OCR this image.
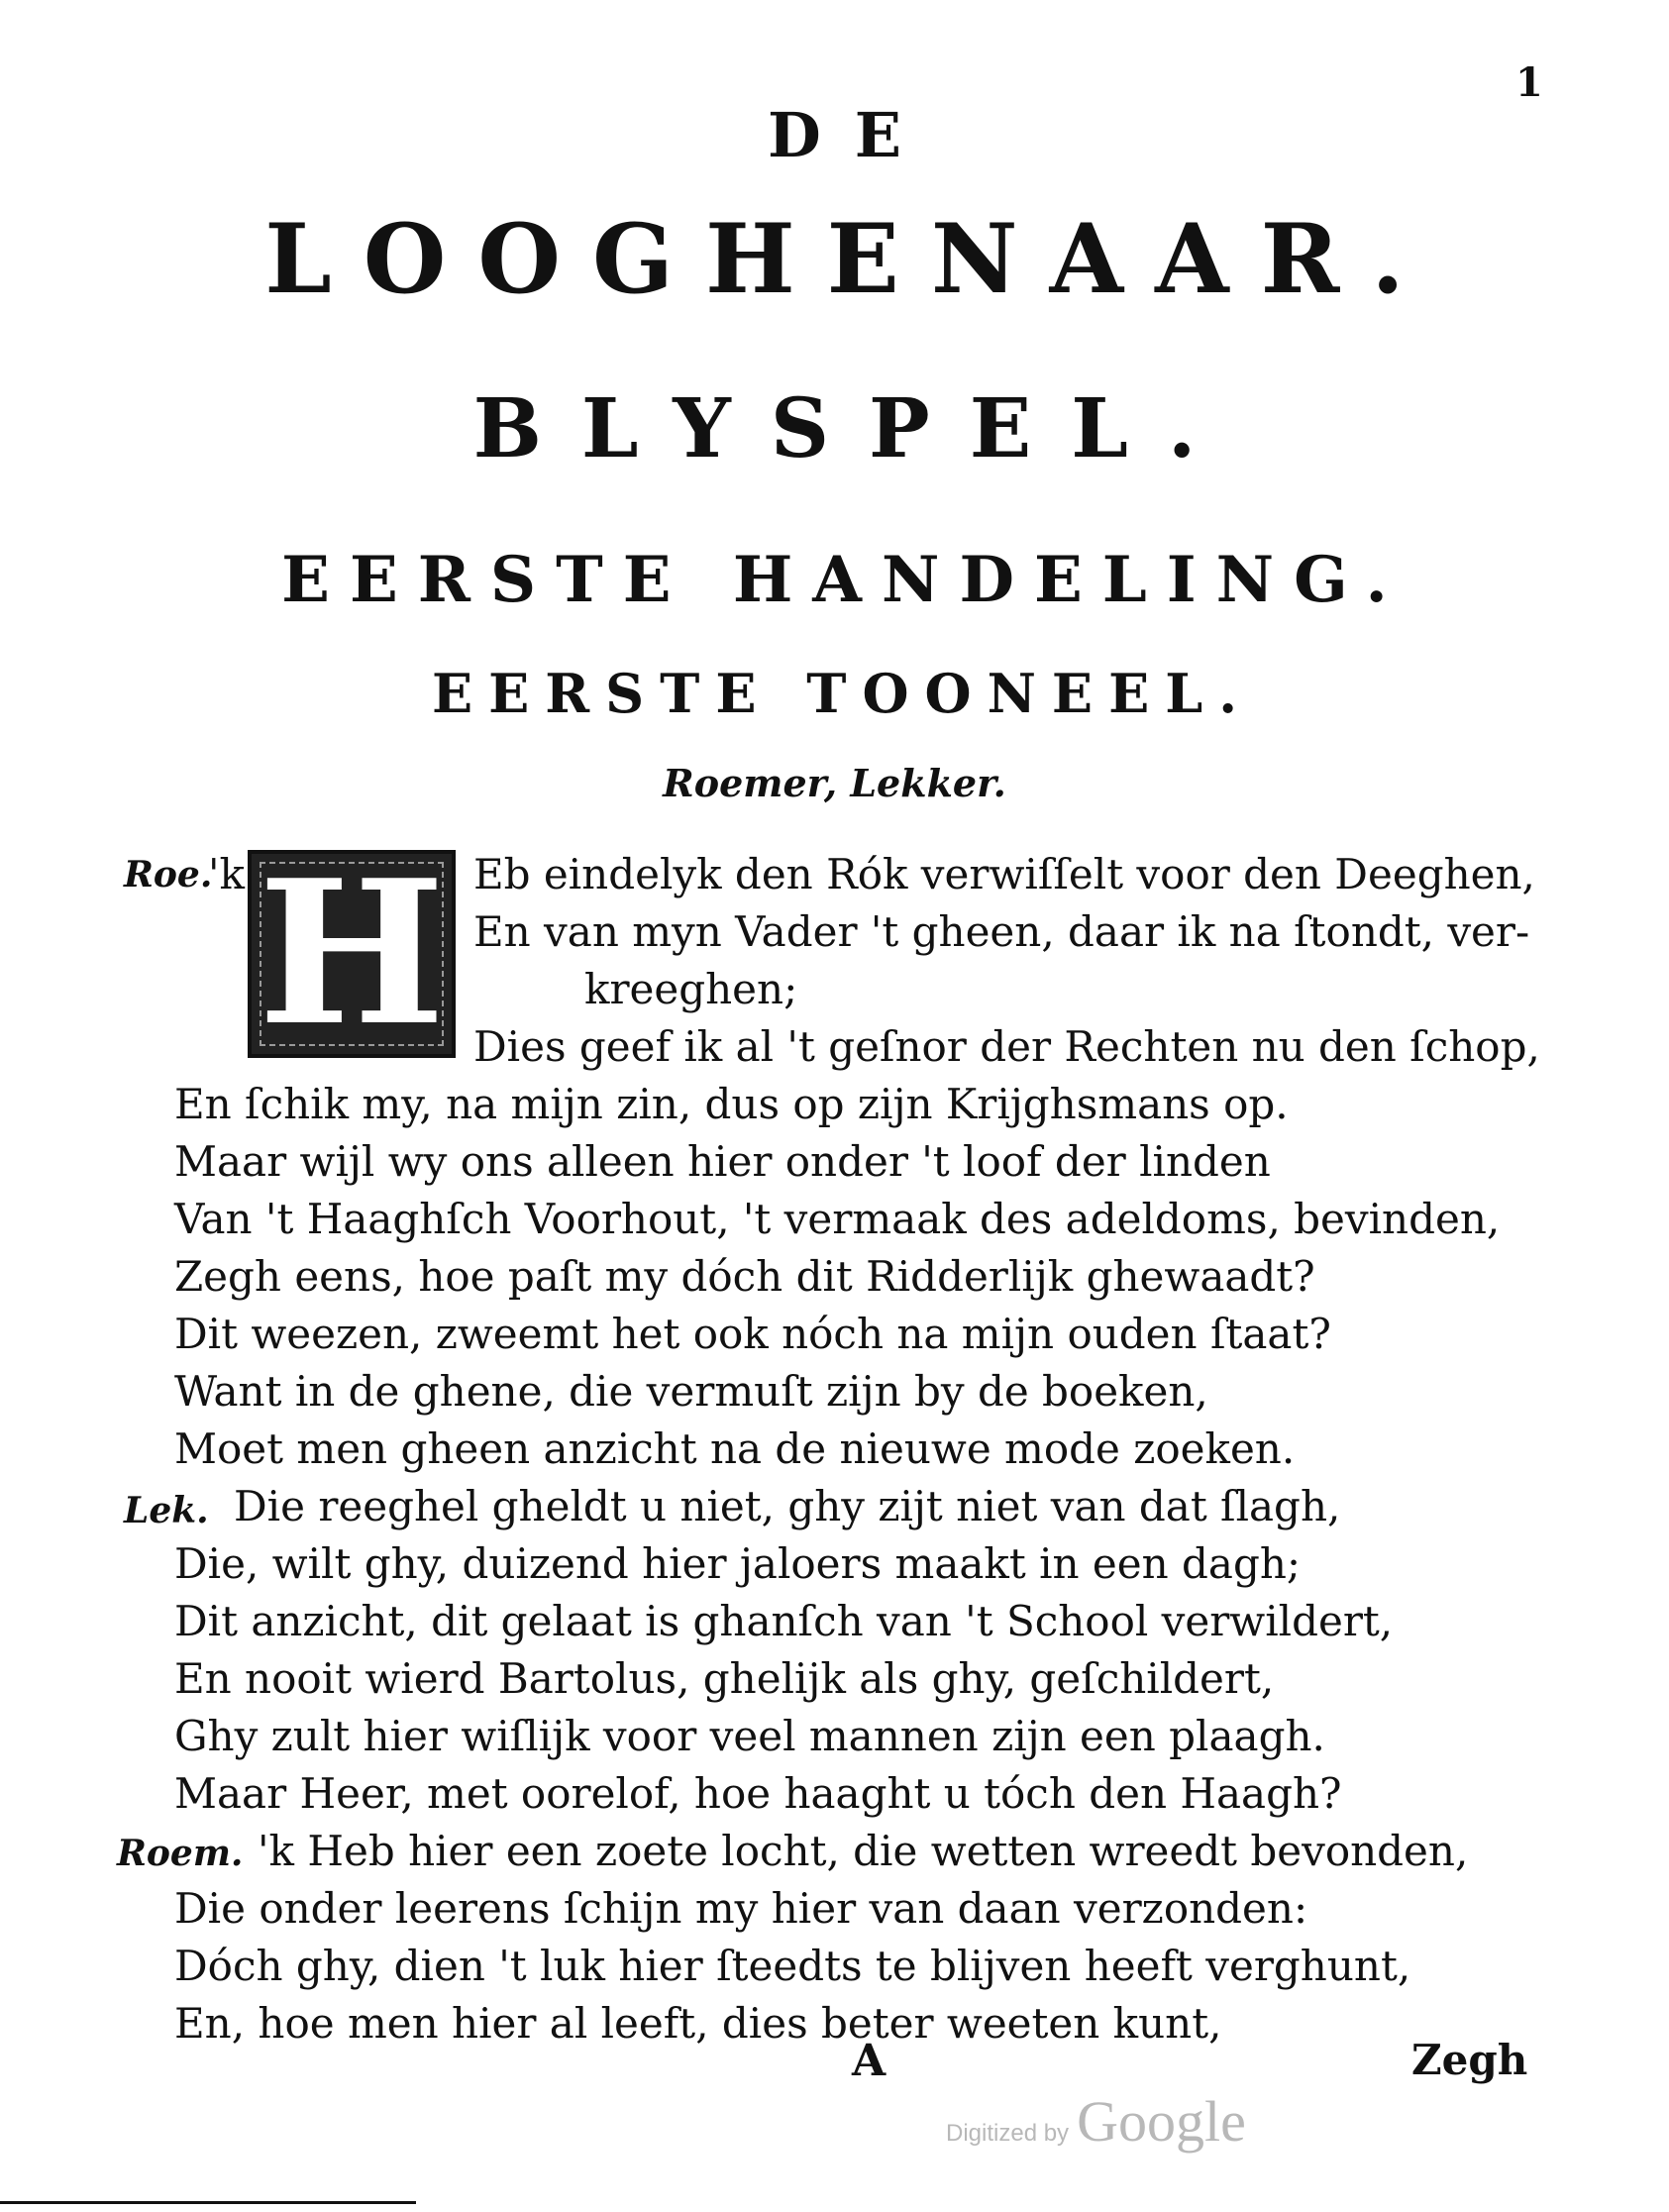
1
DE
LOOGHENAAR.
BLYSPEL.
EERSTE HANDELING.
EERSTE TOONEEL.
Roemer, Lekker.
Roe.
'k H Eb eindelyk den Rók verwiſſelt voor den Deeghen,
En van myn Vader 't gheen, daar ik na ſtondt, ver-
kreeghen;
Dies geef ik al 't geſnor der Rechten nu den ſchop,
En ſchik my, na mijn zin, dus op zijn Krijghsmans op.
Maar wijl wy ons alleen hier onder 't loof der linden
Van 't Haaghſch Voorhout, 't vermaak des adeldoms, bevinden,
Zegh eens, hoe paſt my dóch dit Ridderlijk ghewaadt?
Dit weezen, zweemt het ook nóch na mijn ouden ſtaat?
Want in de ghene, die vermuſt zijn by de boeken,
Moet men gheen anzicht na de nieuwe mode zoeken.
Lek. Die reeghel gheldt u niet, ghy zijt niet van dat ſlagh,
Die, wilt ghy, duizend hier jaloers maakt in een dagh;
Dit anzicht, dit gelaat is ghanſch van 't School verwildert,
En nooit wierd Bartolus, ghelijk als ghy, geſchildert,
Ghy zult hier wiſlijk voor veel mannen zijn een plaagh.
Maar Heer, met oorelof, hoe haaght u tóch den Haagh?
Roem. 'k Heb hier een zoete locht, die wetten wreedt bevonden,
Die onder leerens ſchijn my hier van daan verzonden:
Dóch ghy, dien 't luk hier ſteedts te blijven heeft verghunt,
En, hoe men hier al leeft, dies beter weeten kunt,
A	Zegh
Digitized by Google
